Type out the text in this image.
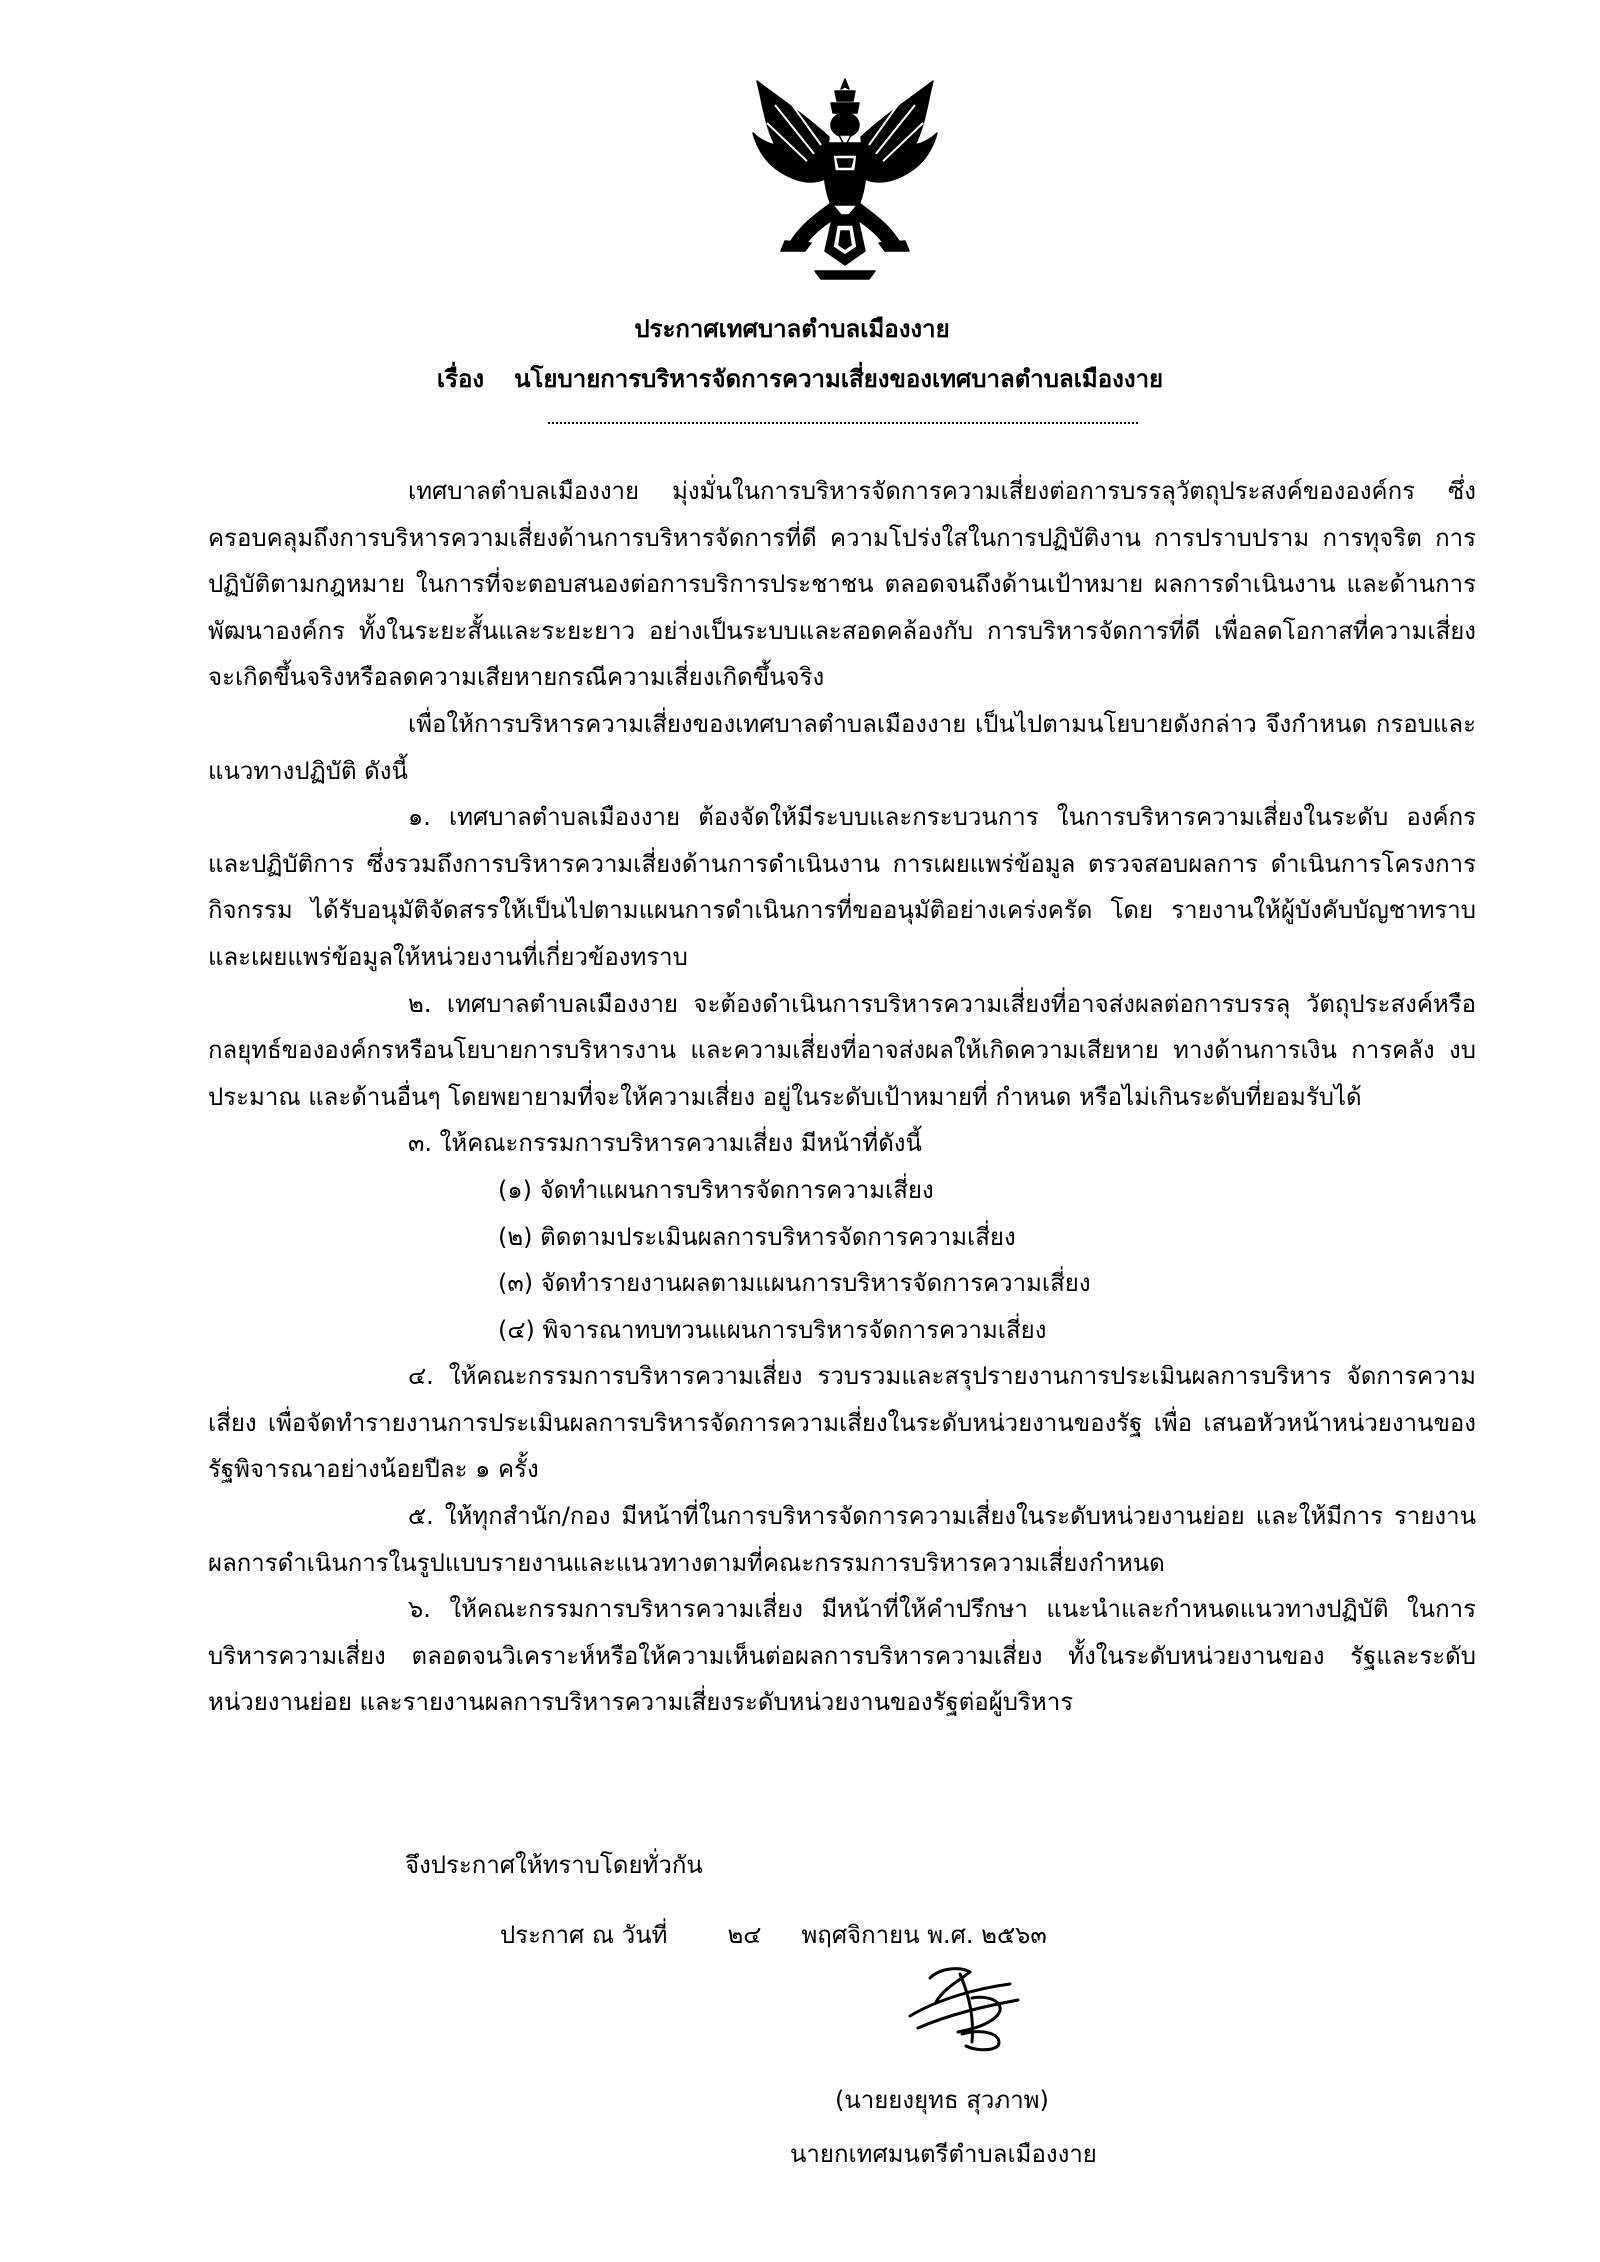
ประกาศเทศบาลตำบลเมืองงาย
เรื่อง นโยบายการบริหารจัดการความเสี่ยงของเทศบาลตำบลเมืองงาย

เทศบาลตำบลเมืองงาย มุ่งมั่นในการบริหารจัดการความเสี่ยงต่อการบรรลุวัตถุประสงค์ขององค์กร ซึ่งครอบคลุมถึงการบริหารความเสี่ยงด้านการบริหารจัดการที่ดี ความโปร่งใสในการปฏิบัติงาน การปราบปราม การทุจริต การปฏิบัติตามกฎหมาย ในการที่จะตอบสนองต่อการบริการประชาชน ตลอดจนถึงด้านเป้าหมาย ผลการดำเนินงาน และด้านการพัฒนาองค์กร ทั้งในระยะสั้นและระยะยาว อย่างเป็นระบบและสอดคล้องกับ การบริหารจัดการที่ดี เพื่อลดโอกาสที่ความเสี่ยงจะเกิดขึ้นจริงหรือลดความเสียหายกรณีความเสี่ยงเกิดขึ้นจริง

เพื่อให้การบริหารความเสี่ยงของเทศบาลตำบลเมืองงาย เป็นไปตามนโยบายดังกล่าว จึงกำหนด กรอบและแนวทางปฏิบัติ ดังนี้

๑. เทศบาลตำบลเมืองงาย ต้องจัดให้มีระบบและกระบวนการ ในการบริหารความเสี่ยงในระดับ องค์กร และปฏิบัติการ ซึ่งรวมถึงการบริหารความเสี่ยงด้านการดำเนินงาน การเผยแพร่ข้อมูล ตรวจสอบผลการ ดำเนินการโครงการกิจกรรม ได้รับอนุมัติจัดสรรให้เป็นไปตามแผนการดำเนินการที่ขออนุมัติอย่างเคร่งครัด โดย รายงานให้ผู้บังคับบัญชาทราบ และเผยแพร่ข้อมูลให้หน่วยงานที่เกี่ยวข้องทราบ

๒. เทศบาลตำบลเมืองงาย จะต้องดำเนินการบริหารความเสี่ยงที่อาจส่งผลต่อการบรรลุ วัตถุประสงค์หรือกลยุทธ์ขององค์กรหรือนโยบายการบริหารงาน และความเสี่ยงที่อาจส่งผลให้เกิดความเสียหาย ทางด้านการเงิน การคลัง งบประมาณ และด้านอื่นๆ โดยพยายามที่จะให้ความเสี่ยง อยู่ในระดับเป้าหมายที่ กำหนด หรือไม่เกินระดับที่ยอมรับได้

๓. ให้คณะกรรมการบริหารความเสี่ยง มีหน้าที่ดังนี้

(๑) จัดทำแผนการบริหารจัดการความเสี่ยง

(๒) ติดตามประเมินผลการบริหารจัดการความเสี่ยง

(๓) จัดทำรายงานผลตามแผนการบริหารจัดการความเสี่ยง

(๔) พิจารณาทบทวนแผนการบริหารจัดการความเสี่ยง

๔. ให้คณะกรรมการบริหารความเสี่ยง รวบรวมและสรุปรายงานการประเมินผลการบริหาร จัดการความเสี่ยง เพื่อจัดทำรายงานการประเมินผลการบริหารจัดการความเสี่ยงในระดับหน่วยงานของรัฐ เพื่อ เสนอหัวหน้าหน่วยงานของรัฐพิจารณาอย่างน้อยปีละ ๑ ครั้ง

๕. ให้ทุกสำนัก/กอง มีหน้าที่ในการบริหารจัดการความเสี่ยงในระดับหน่วยงานย่อย และให้มีการ รายงานผลการดำเนินการในรูปแบบรายงานและแนวทางตามที่คณะกรรมการบริหารความเสี่ยงกำหนด

๖. ให้คณะกรรมการบริหารความเสี่ยง มีหน้าที่ให้คำปรึกษา แนะนำและกำหนดแนวทางปฏิบัติ ในการบริหารความเสี่ยง ตลอดจนวิเคราะห์หรือให้ความเห็นต่อผลการบริหารความเสี่ยง ทั้งในระดับหน่วยงานของ รัฐและระดับหน่วยงานย่อย และรายงานผลการบริหารความเสี่ยงระดับหน่วยงานของรัฐต่อผู้บริหาร

จึงประกาศให้ทราบโดยทั่วกัน
ประกาศ ณ วันที่	๒๔ พฤศจิกายน พ.ศ. ๒๕๖๓
(นายยงยุทธ สุวภาพ)
นายกเทศมนตรีตำบลเมืองงาย
